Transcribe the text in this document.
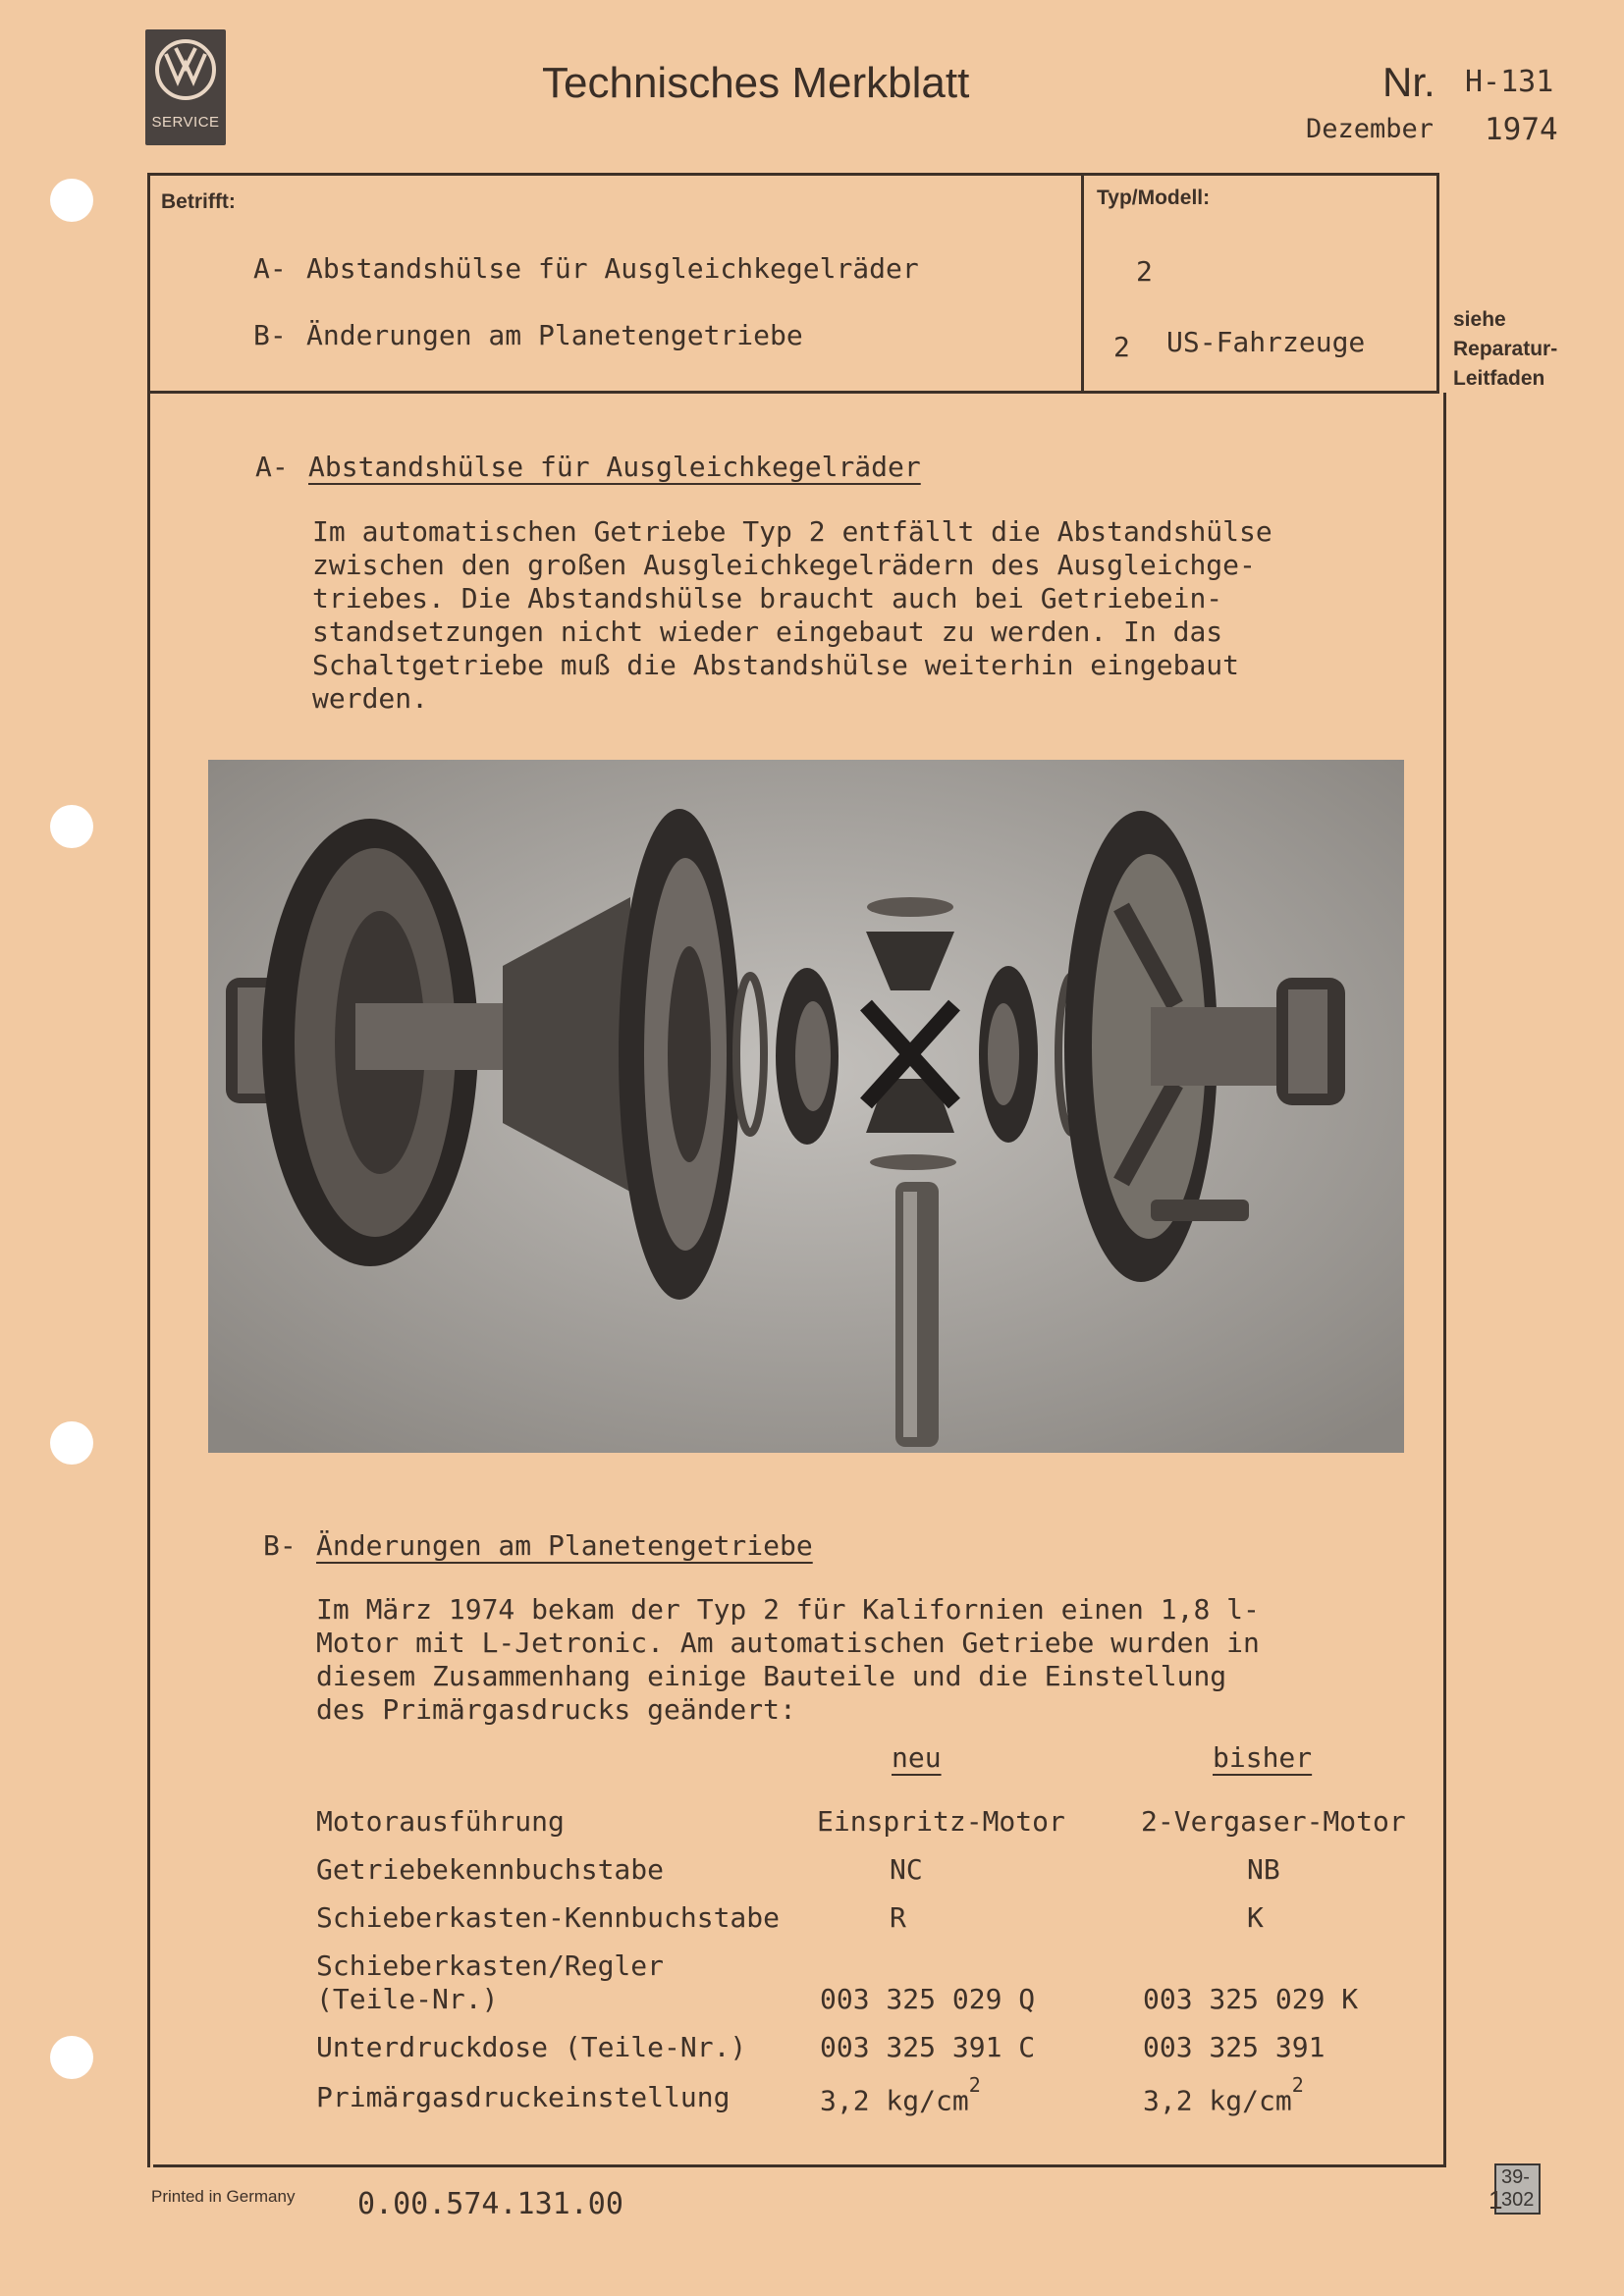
SERVICE
Technisches Merkblatt	Nr. H-131
Dezember 1974
Betrifft:
A- Abstandshülse für Ausgleichkegelräder
B- Änderungen am Planetengetriebe
Typ/Modell:
2
2 US-Fahrzeuge
siehe
Reparatur-
Leitfaden
A- Abstandshülse für Ausgleichkegelräder
Im automatischen Getriebe Typ 2 entfällt die Abstandshülse
zwischen den großen Ausgleichkegelrädern des Ausgleichge-
triebes. Die Abstandshülse braucht auch bei Getriebein-
standsetzungen nicht wieder eingebaut zu werden. In das
Schaltgetriebe muß die Abstandshülse weiterhin eingebaut
werden.
39-302
B- Änderungen am Planetengetriebe
Im März 1974 bekam der Typ 2 für Kalifornien einen 1,8 l-
Motor mit L-Jetronic. Am automatischen Getriebe wurden in
diesem Zusammenhang einige Bauteile und die Einstellung
des Primärgasdrucks geändert:
neu	bisher
Motorausführung	Einspritz-Motor	2-Vergaser-Motor
Getriebekennbuchstabe	NC	NB
Schieberkasten-Kennbuchstabe	R	K
Schieberkasten/Regler
(Teile-Nr.)	003 325 029 Q	003 325 029 K
Unterdruckdose (Teile-Nr.)	003 325 391 C	003 325 391
Primärgasdruckeinstellung	3,2 $kg/cm^2$	3,2 $kg/cm^2$
Printed in Germany 0.00.574.131.00	1
